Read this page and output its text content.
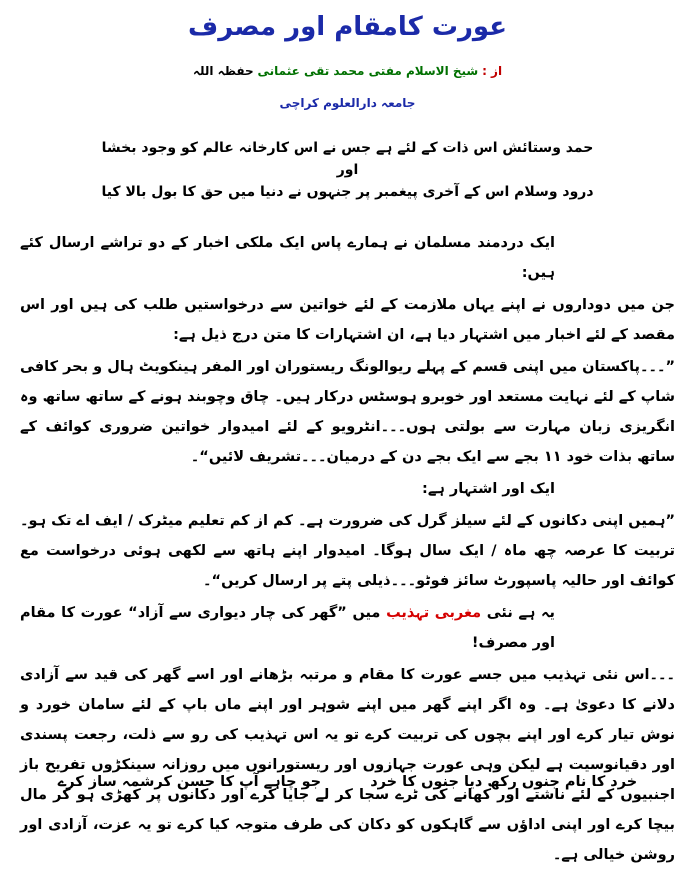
عورت کامقام اور مصرف
از : شیخ الاسلام مفتی محمد تقی عثمانی حفظہ اللہ
جامعہ دارالعلوم کراچی
حمد وستائش اس ذات کے لئے ہے جس نے اس کارخانہ عالم کو وجود بخشا
اور
درود وسلام اس کے آخری پیغمبر پر جنہوں نے دنیا میں حق کا بول بالا کیا

ایک دردمند مسلمان نے ہمارے پاس ایک ملکی اخبار کے دو تراشے ارسال کئے ہیں:

جن میں دوداروں نے اپنے یہاں ملازمت کے لئے خواتین سے درخواستیں طلب کی ہیں اور اس مقصد کے لئے اخبار میں اشتہار دیا ہے، ان اشتہارات کا متن درج ذیل ہے:

”۔۔۔پاکستان میں اپنی قسم کے پہلے ریوالونگ ریستوران اور المفر ہینکویٹ ہال و بحر کافی شاپ کے لئے نہایت مستعد اور خوبرو ہوسٹس درکار ہیں۔ چاق وچوبند ہونے کے ساتھ ساتھ وہ انگریزی زبان مہارت سے بولتی ہوں۔۔۔انٹرویو کے لئے امیدوار خواتین ضروری کوائف کے ساتھ بذات خود ۱۱ بجے سے ایک بجے دن کے درمیان۔۔۔تشریف لائیں“۔

ایک اور اشتہار ہے:

”ہمیں اپنی دکانوں کے لئے سیلز گرل کی ضرورت ہے۔ کم از کم تعلیم میٹرک / ایف اے تک ہو۔ تربیت کا عرصہ چھ ماہ / ایک سال ہوگا۔ امیدوار اپنے ہاتھ سے لکھی ہوئی درخواست مع کوائف اور حالیہ پاسپورٹ سائز فوٹو۔۔۔ذیلی پتے پر ارسال کریں“۔

یہ ہے نئی مغربی تہذیب میں ”گھر کی چار دیواری سے آزاد“ عورت کا مقام اور مصرف!

۔۔۔اس نئی تہذیب میں جسے عورت کا مقام و مرتبہ بڑھانے اور اسے گھر کی قید سے آزادی دلانے کا دعویٰ ہے۔ وہ اگر اپنے گھر میں اپنے شوہر اور اپنے ماں باپ کے لئے سامان خورد و نوش تیار کرے اور اپنے بچوں کی تربیت کرے تو یہ اس تہذیب کی رو سے ذلت، رجعت پسندی اور دقیانوسیت ہے لیکن وہی عورت جہازوں اور ریستورانوں میں روزانہ سینکڑوں تفریح باز اجنبیوں کے لئے ناشتے اور کھانے کی ٹرے سجا کر لے جایا کرے اور دکانوں پر کھڑی ہو کر مال بیچا کرے اور اپنی اداؤں سے گاہکوں کو دکان کی طرف متوجہ کیا کرے تو یہ عزت، آزادی اور روشن خیالی ہے۔

خرد کا نام جنوں رکھ دیا جنوں کا خرد جو چاہے آپ کا حسن کرشمہ ساز کرے
